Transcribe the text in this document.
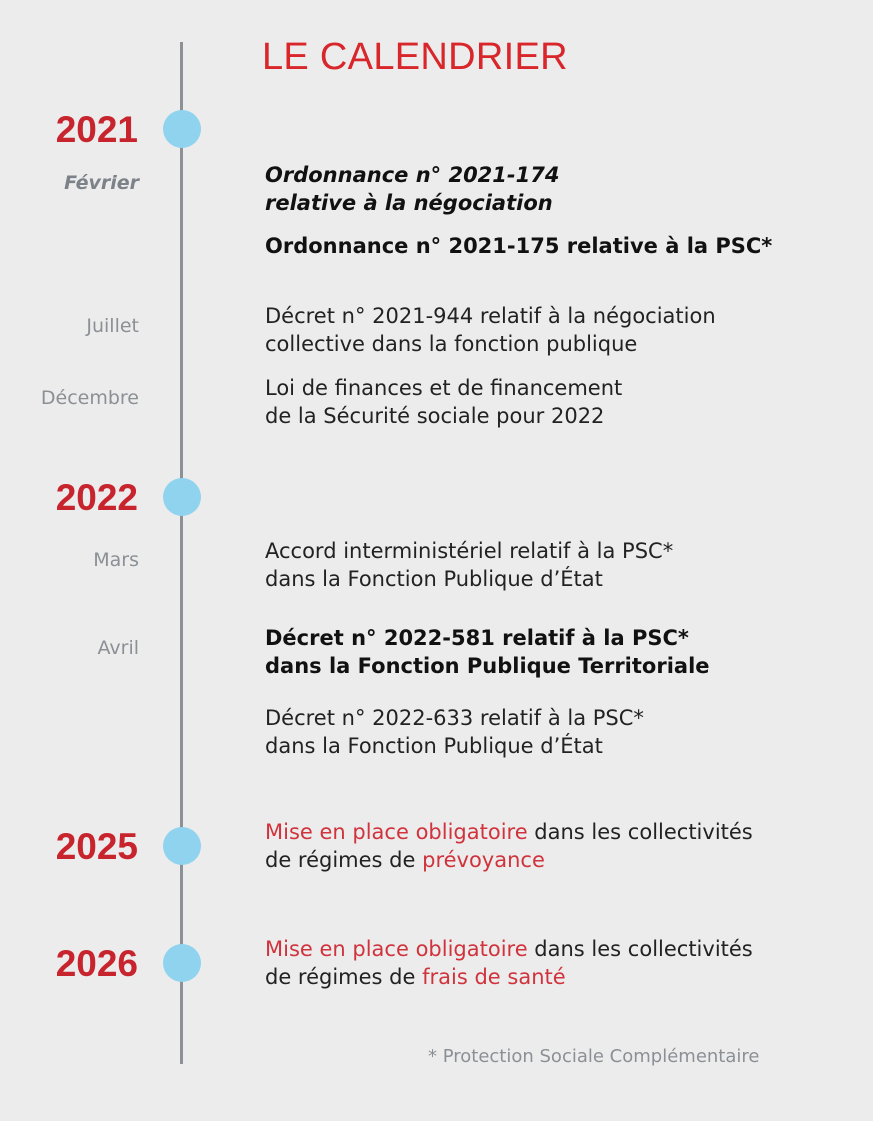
LE CALENDRIER
2021
2022
2025
2026
Février
Juillet
Décembre
Mars
Avril
Ordonnance n° 2021-174
relative à la négociation
Ordonnance n° 2021-175 relative à la PSC*
Décret n° 2021-944 relatif à la négociation
collective dans la fonction publique
Loi de finances et de financement
de la Sécurité sociale pour 2022
Accord interministériel relatif à la PSC*
dans la Fonction Publique d’État
Décret n° 2022-581 relatif à la PSC*
dans la Fonction Publique Territoriale
Décret n° 2022-633 relatif à la PSC*
dans la Fonction Publique d’État
Mise en place obligatoire dans les collectivités
de régimes de prévoyance
Mise en place obligatoire dans les collectivités
de régimes de frais de santé
* Protection Sociale Complémentaire
